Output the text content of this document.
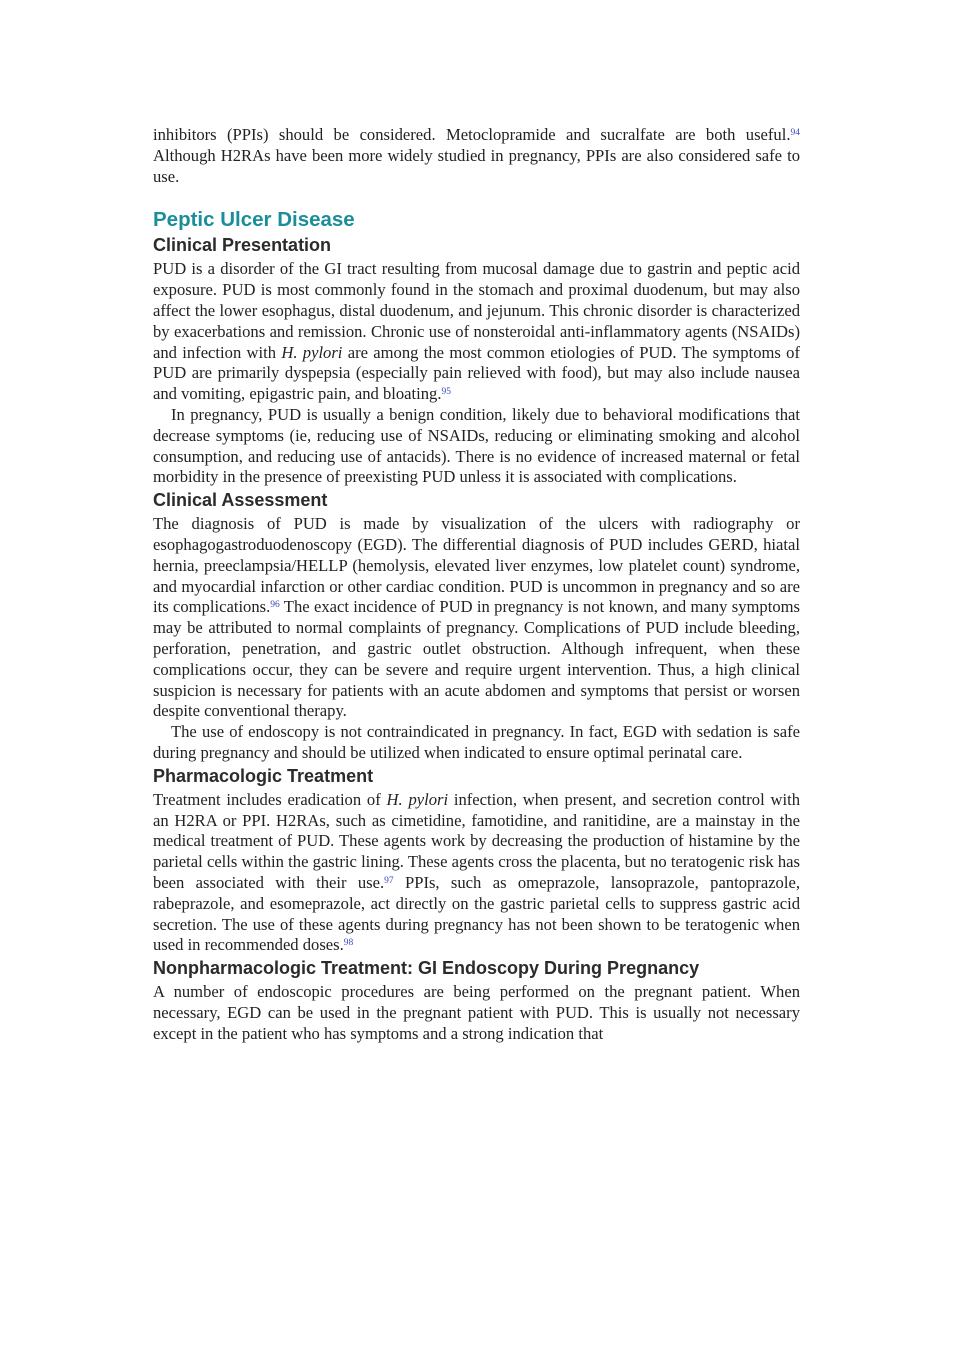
inhibitors (PPIs) should be considered. Metoclopramide and sucralfate are both useful.$^{94}$ Although H2RAs have been more widely studied in pregnancy, PPIs are also considered safe to use.

Peptic Ulcer Disease
Clinical Presentation

PUD is a disorder of the GI tract resulting from mucosal damage due to gastrin and peptic acid exposure. PUD is most commonly found in the stomach and proximal duodenum, but may also affect the lower esophagus, distal duodenum, and jejunum. This chronic disorder is characterized by exacerbations and remission. Chronic use of nonsteroidal anti-inflammatory agents (NSAIDs) and infection with H. pylori are among the most common etiologies of PUD. The symptoms of PUD are primarily dyspepsia (especially pain relieved with food), but may also include nausea and vomiting, epigastric pain, and bloating.$^{95}$

In pregnancy, PUD is usually a benign condition, likely due to behavioral modifications that decrease symptoms (ie, reducing use of NSAIDs, reducing or eliminating smoking and alcohol consumption, and reducing use of antacids). There is no evidence of increased maternal or fetal morbidity in the presence of preexisting PUD unless it is associated with complications.

Clinical Assessment

The diagnosis of PUD is made by visualization of the ulcers with radiography or esophagogastroduodenoscopy (EGD). The differential diagnosis of PUD includes GERD, hiatal hernia, preeclampsia/HELLP (hemolysis, elevated liver enzymes, low platelet count) syndrome, and myocardial infarction or other cardiac condition. PUD is uncommon in pregnancy and so are its complications.$^{96}$ The exact incidence of PUD in pregnancy is not known, and many symptoms may be attributed to normal complaints of pregnancy. Complications of PUD include bleeding, perforation, penetration, and gastric outlet obstruction. Although infrequent, when these complications occur, they can be severe and require urgent intervention. Thus, a high clinical suspicion is necessary for patients with an acute abdomen and symptoms that persist or worsen despite conventional therapy.

The use of endoscopy is not contraindicated in pregnancy. In fact, EGD with sedation is safe during pregnancy and should be utilized when indicated to ensure optimal perinatal care.

Pharmacologic Treatment

Treatment includes eradication of H. pylori infection, when present, and secretion control with an H2RA or PPI. H2RAs, such as cimetidine, famotidine, and ranitidine, are a mainstay in the medical treatment of PUD. These agents work by decreasing the production of histamine by the parietal cells within the gastric lining. These agents cross the placenta, but no teratogenic risk has been associated with their use.$^{97}$ PPIs, such as omeprazole, lansoprazole, pantoprazole, rabeprazole, and esomeprazole, act directly on the gastric parietal cells to suppress gastric acid secretion. The use of these agents during pregnancy has not been shown to be teratogenic when used in recommended doses.$^{98}$

Nonpharmacologic Treatment: GI Endoscopy During Pregnancy

A number of endoscopic procedures are being performed on the pregnant patient. When necessary, EGD can be used in the pregnant patient with PUD. This is usually not necessary except in the patient who has symptoms and a strong indication that
